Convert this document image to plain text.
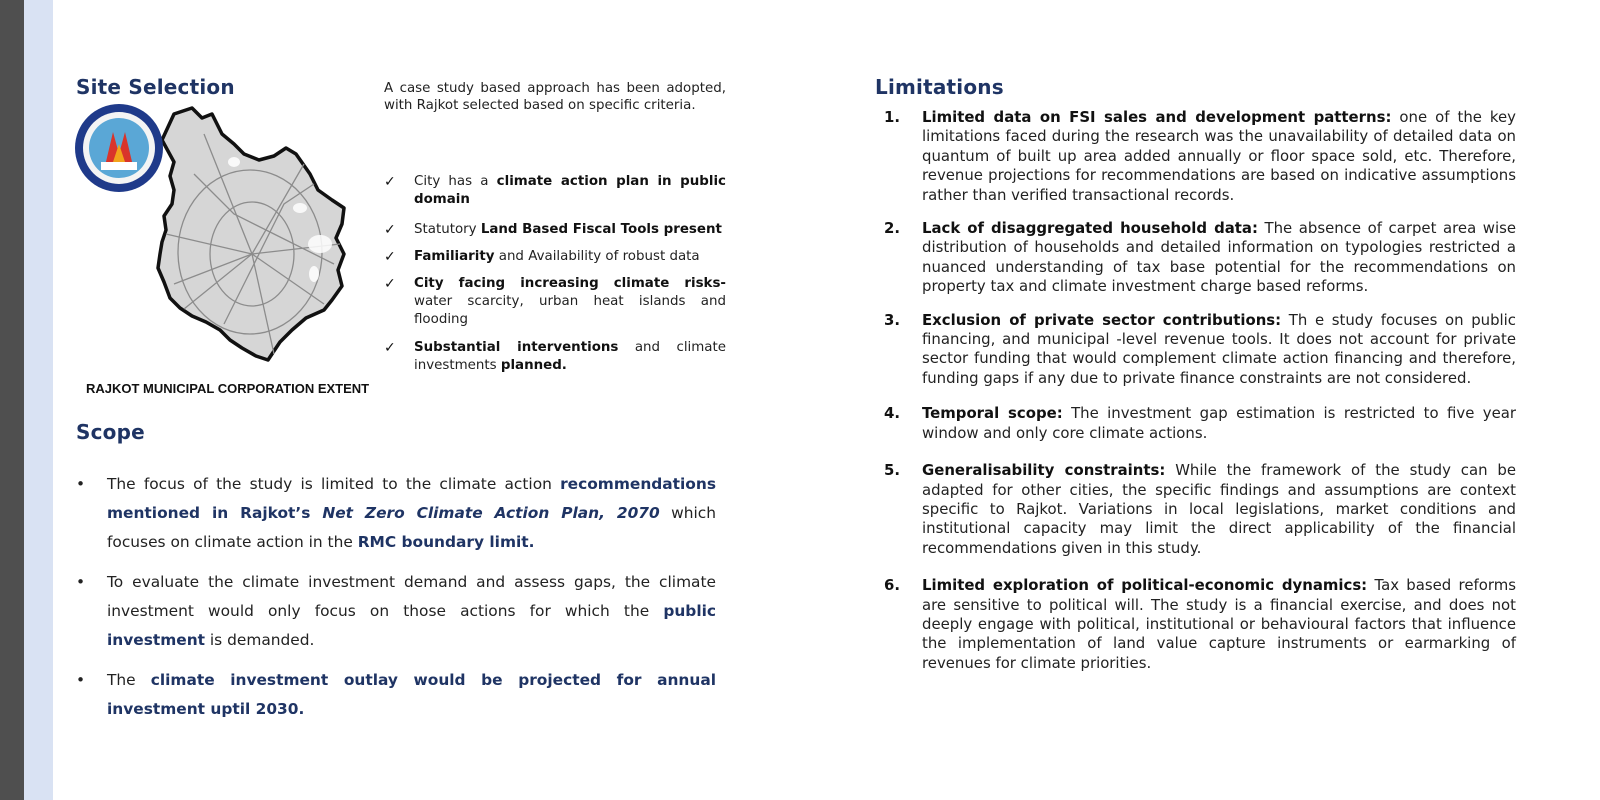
Site Selection
RAJKOT MUNICIPAL CORPORATION EXTENT

A case study based approach has been adopted, with Rajkot selected based on specific criteria.

✓ City has a climate action plan in public domain
✓ Statutory Land Based Fiscal Tools present
✓ Familiarity and Availability of robust data
✓ City facing increasing climate risks- water scarcity, urban heat islands and flooding
✓ Substantial interventions and climate investments planned.
Scope
• The focus of the study is limited to the climate action recommendations mentioned in Rajkot’s Net Zero Climate Action Plan, 2070 which focuses on climate action in the RMC boundary limit.
• To evaluate the climate investment demand and assess gaps, the climate investment would only focus on those actions for which the public investment is demanded.
• The climate investment outlay would be projected for annual investment uptil 2030.
Limitations
1. Limited data on FSI sales and development patterns: one of the key limitations faced during the research was the unavailability of detailed data on quantum of built up area added annually or floor space sold, etc. Therefore, revenue projections for recommendations are based on indicative assumptions rather than verified transactional records.
2. Lack of disaggregated household data: The absence of carpet area wise distribution of households and detailed information on typologies restricted a nuanced understanding of tax base potential for the recommendations on property tax and climate investment charge based reforms.
3. Exclusion of private sector contributions: Th e study focuses on public financing, and municipal -level revenue tools. It does not account for private sector funding that would complement climate action financing and therefore, funding gaps if any due to private finance constraints are not considered.
4. Temporal scope: The investment gap estimation is restricted to five year window and only core climate actions.
5. Generalisability constraints: While the framework of the study can be adapted for other cities, the specific findings and assumptions are context specific to Rajkot. Variations in local legislations, market conditions and institutional capacity may limit the direct applicability of the financial recommendations given in this study.
6. Limited exploration of political-economic dynamics: Tax based reforms are sensitive to political will. The study is a financial exercise, and does not deeply engage with political, institutional or behavioural factors that influence the implementation of land value capture instruments or earmarking of revenues for climate priorities.
